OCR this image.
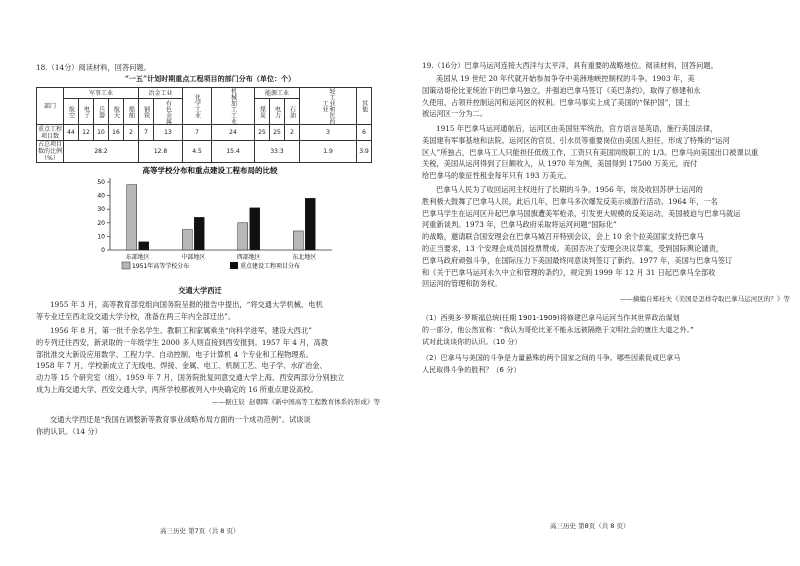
18.（14分）阅读材料，回答问题。
“一五”计划时期重点工程项目的部门分布（单位：个）
部门	军事工业					冶金工业		化学工业	机械加工工业	能源工业			轻工业和医药工业	其他
	航空	电子	兵器	航天	船舶	钢铁	有色金属			煤炭	电力	石油		
重点工程项目数	44	12	10	16	2	7	13	7	24	25	25	2	3	6
占总项目数的比例（%）	28.2					12.8		4.5	15.4	33.3			1.9	3.9
高等学校分布和重点建设工程布局的比较
0
10
20
30
40
50
东部地区	中部地区	西部地区	东北地区
1951年高等学校分布	重点建设工程项目分布
交通大学西迁
1955 年 3 月，高等教育部党组向国务院呈报的报告中提出，“将交通大学机械、电机
等专业迁至西北设交通大学分校，准备在两三年内全部迁出”。
1956 年 8 月，第一批千余名学生、教职工和家属乘坐“向科学进军，建设大西北”
的专列迁往西安，新录取的一年级学生 2000 多人则直接到西安报到。1957 年 4 月，高教
部批准交大新设应用数学、工程力学、自动控制、电子计算机 4 个专业和工程物理系。
1958 年 7 月，学校新成立了无线电、焊接、金属、电工、机制工艺、电子学、水矿冶金、
动力等 15 个研究室（组）。1959 年 7 月，国务院批复同意交通大学上海、西安两部分分别独立
成为上海交通大学、西安交通大学，两所学校都被列入中央确定的 16 所重点建设高校。
——据庄辰  赵朝晖《新中国高等工程教育体系的形成》等
交通大学西迁是“我国在调整新等教育事业战略布局方面的一个成功范例”。试谈谈
你的认识。（14 分）
高三历史 第7页（共 8 页）
19.（16分）巴拿马运河连接大西洋与太平洋，具有重要的战略地位。阅读材料，回答问题。
美国从 19 世纪 20 年代就开始参加争夺中美洲地峡控制权的斗争。1903 年，美
国策动哥伦比亚统治下的巴拿马独立，并强迫巴拿马签订《美巴条约》，取得了修建和永
久使用、占领并控制运河和运河区的权利。巴拿马事实上成了美国的“保护国”，国土
被运河区一分为二。
1915 年巴拿马运河通航后，运河区由美国驻军统治，官方语言是英语，施行美国法律，
美国建有军事基地和法院。运河区的官员、引水员等重要岗位由美国人担任，形成了特殊的“运河
区人”所独占，巴拿马工人只能担任低级工作，工资只有美国同级职工的 1/3。巴拿马向美国出口被课以重
关税，美国从运河得到了巨额收入，从 1970 年为例，美国得到 17500 万美元，而付
给巴拿马的象征性租金每年只有 193 万美元。
巴拿马人民为了收回运河主权进行了长期的斗争。1956 年，埃及收回苏伊士运河的
胜利极大鼓舞了巴拿马人民，此后几年，巴拿马多次爆发反美示威游行活动。1964 年，一名
巴拿马学生在运河区升起巴拿马国旗遭美军枪杀，引发更大规模的反美运动，美国被迫与巴拿马就运
河重新谈判。1973 年，巴拿马政府采取将运河问题“国际化”
的战略，邀请联合国安理会在巴拿马城召开特别会议，会上 10 余个拉美国家支持巴拿马
的正当要求，13 个安理会成员国投票赞成。美国否决了安理会决议草案，受到国际舆论谴责，
巴拿马政府顽强斗争，在国际压力下美国最终同意谈判签订了新约。1977 年，美国与巴拿马签订
和《关于巴拿马运河永久中立和管理的条约》，规定到 1999 年 12 月 31 日起巴拿马全部收
回运河的管理和防务权。
——摘编自郑桂夫《美国是怎样夺取巴拿马运河区的？》等
（1）西奥多·罗斯福总统(任期 1901-1909)将修建巴拿马运河当作其世界政治谋划
的一部分，他公然宣称：“我认为哥伦比亚不能永远被隔绝于文明社会的康庄大道之外。”
试对此谈谈你的认识。（10 分）
（2）巴拿马与美国的斗争是力量悬殊的两个国家之间的斗争。哪些因素促成巴拿马
人民取得斗争的胜利？（6 分）
高三历史 第8页（共 8 页）
